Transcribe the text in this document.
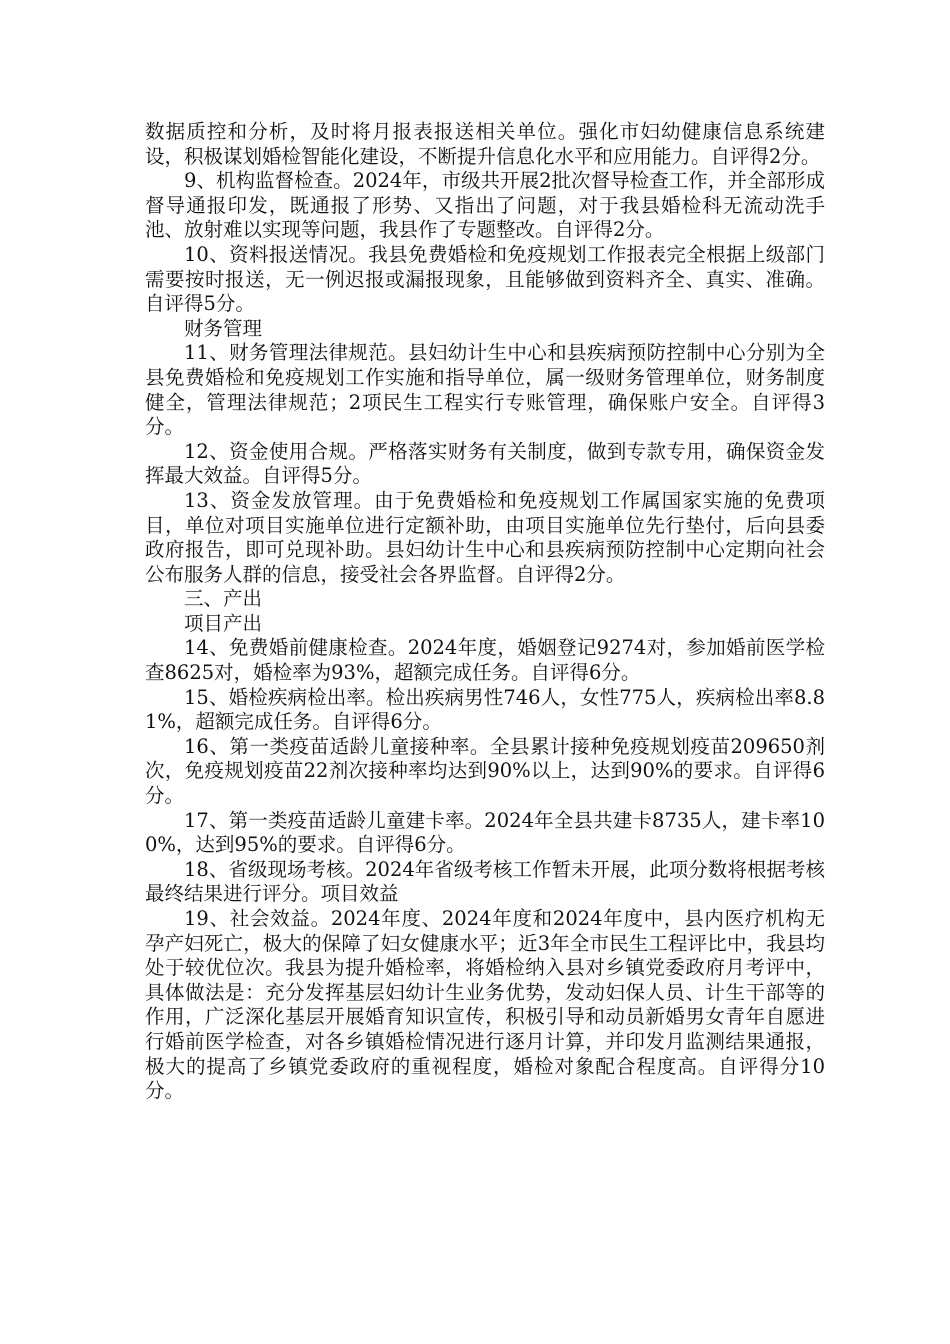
数据质控和分析，及时将月报表报送相关单位。强化市妇幼健康信息系统建设，积极谋划婚检智能化建设，不断提升信息化水平和应用能力。自评得2分。

9、机构监督检查。2024年，市级共开展2批次督导检查工作，并全部形成督导通报印发，既通报了形势、又指出了问题，对于我县婚检科无流动洗手池、放射难以实现等问题，我县作了专题整改。自评得2分。

10、资料报送情况。我县免费婚检和免疫规划工作报表完全根据上级部门需要按时报送，无一例迟报或漏报现象，且能够做到资料齐全、真实、准确。自评得5分。

财务管理

11、财务管理法律规范。县妇幼计生中心和县疾病预防控制中心分别为全县免费婚检和免疫规划工作实施和指导单位，属一级财务管理单位，财务制度健全，管理法律规范；2项民生工程实行专账管理，确保账户安全。自评得3分。

12、资金使用合规。严格落实财务有关制度，做到专款专用，确保资金发挥最大效益。自评得5分。

13、资金发放管理。由于免费婚检和免疫规划工作属国家实施的免费项目，单位对项目实施单位进行定额补助，由项目实施单位先行垫付，后向县委政府报告，即可兑现补助。县妇幼计生中心和县疾病预防控制中心定期向社会公布服务人群的信息，接受社会各界监督。自评得2分。

三、产出

项目产出

14、免费婚前健康检查。2024年度，婚姻登记9274对，参加婚前医学检查8625对，婚检率为93%，超额完成任务。自评得6分。

15、婚检疾病检出率。检出疾病男性746人，女性775人，疾病检出率8.81%，超额完成任务。自评得6分。

16、第一类疫苗适龄儿童接种率。全县累计接种免疫规划疫苗209650剂次，免疫规划疫苗22剂次接种率均达到90%以上，达到90%的要求。自评得6分。

17、第一类疫苗适龄儿童建卡率。2024年全县共建卡8735人，建卡率100%，达到95%的要求。自评得6分。

18、省级现场考核。2024年省级考核工作暂未开展，此项分数将根据考核最终结果进行评分。项目效益

19、社会效益。2024年度、2024年度和2024年度中，县内医疗机构无孕产妇死亡，极大的保障了妇女健康水平；近3年全市民生工程评比中，我县均处于较优位次。我县为提升婚检率，将婚检纳入县对乡镇党委政府月考评中，具体做法是：充分发挥基层妇幼计生业务优势，发动妇保人员、计生干部等的作用，广泛深化基层开展婚育知识宣传，积极引导和动员新婚男女青年自愿进行婚前医学检查，对各乡镇婚检情况进行逐月计算，并印发月监测结果通报，极大的提高了乡镇党委政府的重视程度，婚检对象配合程度高。自评得分10分。
